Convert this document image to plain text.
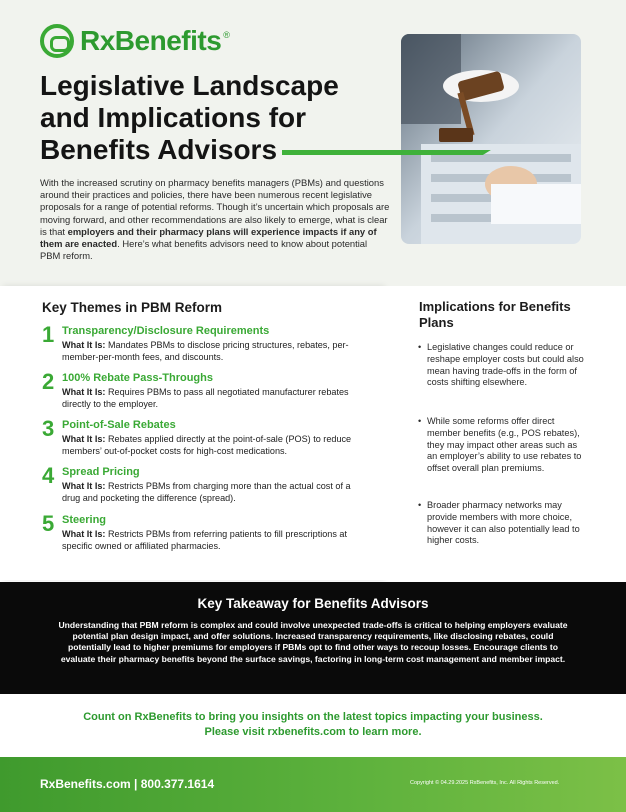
RxBenefits ®
Legislative Landscape
and Implications for
Benefits Advisors

With the increased scrutiny on pharmacy benefits managers (PBMs) and questions around their practices and policies, there have been numerous recent legislative proposals for a range of potential reforms. Though it’s uncertain which proposals are moving forward, and other recommendations are also likely to emerge, what is clear is that employers and their pharmacy plans will experience impacts if any of them are enacted. Here’s what benefits advisors need to know about potential PBM reform.

Key Themes in PBM Reform
1 Transparency/Disclosure Requirements
What It Is: Mandates PBMs to disclose pricing structures, rebates, per-member-per-month fees, and discounts.
2 100% Rebate Pass-Throughs
What It Is: Requires PBMs to pass all negotiated manufacturer rebates directly to the employer.
3 Point-of-Sale Rebates
What It Is: Rebates applied directly at the point-of-sale (POS) to reduce members’ out-of-pocket costs for high-cost medications.
4 Spread Pricing
What It Is: Restricts PBMs from charging more than the actual cost of a drug and pocketing the difference (spread).
5 Steering
What It Is: Restricts PBMs from referring patients to fill prescriptions at specific owned or affiliated pharmacies.
Implications for Benefits Plans
• Legislative changes could reduce or reshape employer costs but could also mean having trade-offs in the form of costs shifting elsewhere.
• While some reforms offer direct member benefits (e.g., POS rebates), they may impact other areas such as an employer’s ability to use rebates to offset overall plan premiums.
• Broader pharmacy networks may provide members with more choice, however it can also potentially lead to higher costs.
Key Takeaway for Benefits Advisors

Understanding that PBM reform is complex and could involve unexpected trade-offs is critical to helping employers evaluate potential plan design impact, and offer solutions. Increased transparency requirements, like disclosing rebates, could potentially lead to higher premiums for employers if PBMs opt to find other ways to recoup losses. Encourage clients to evaluate their pharmacy benefits beyond the surface savings, factoring in long-term cost management and member impact.

Count on RxBenefits to bring you insights on the latest topics impacting your business.
Please visit rxbenefits.com to learn more.
RxBenefits.com | 800.377.1614	Copyright © 04.29.2025 RxBenefits, Inc. All Rights Reserved.
